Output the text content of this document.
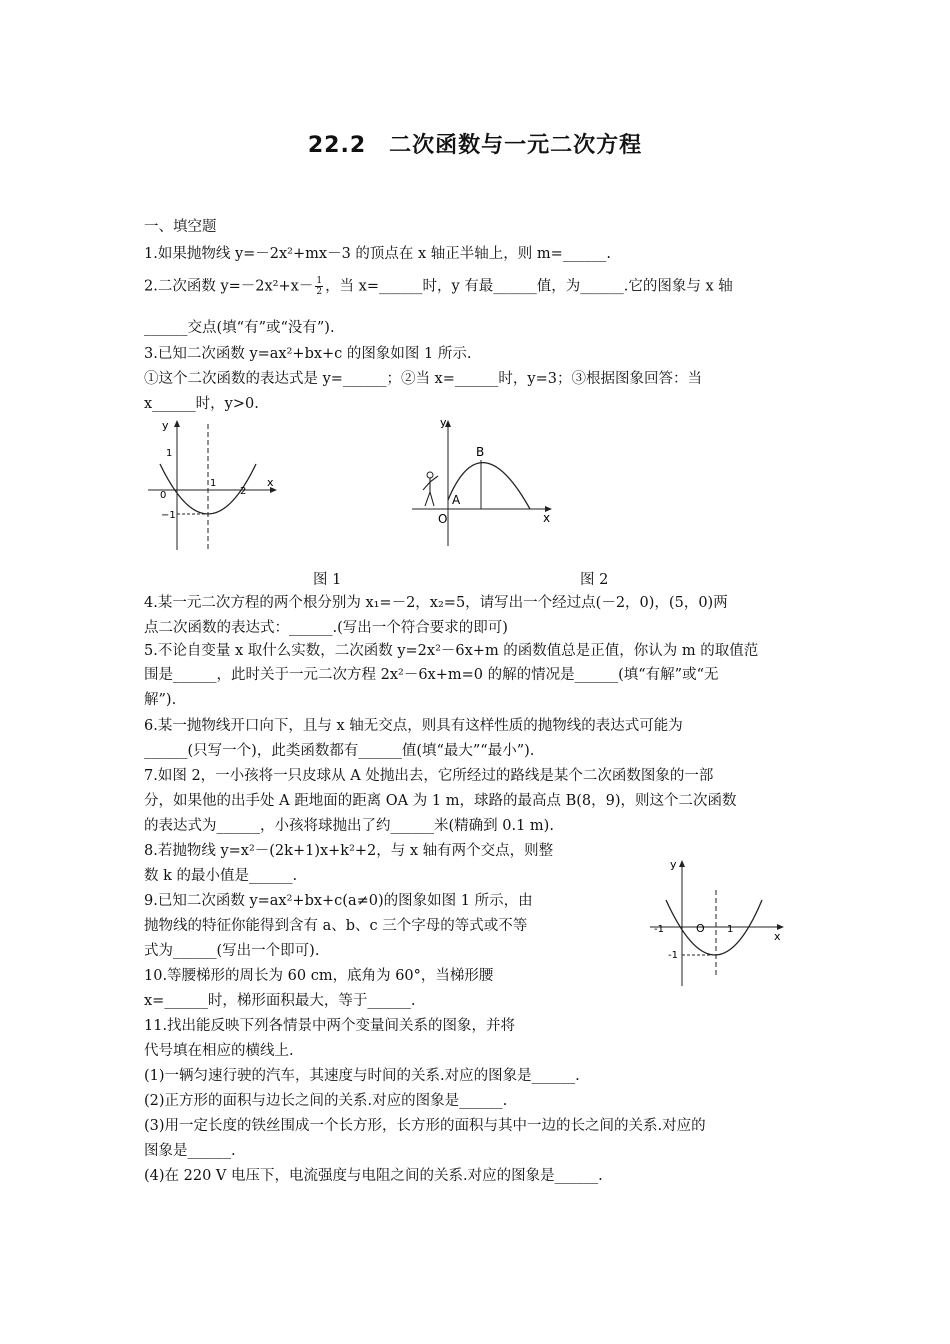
22.2　二次函数与一元二次方程
一、填空题
1.如果抛物线 y=－2x²+mx－3 的顶点在 x 轴正半轴上，则 m=______.
2.二次函数 $y=-2x^2+x- \frac{1}{2}$ ，当 x=______时，y 有最______值，为______.它的图象与 x 轴
______交点(填“有”或“没有”).
3.已知二次函数 y=ax²+bx+c 的图象如图 1 所示.
①这个二次函数的表达式是 y=______；②当 x=______时，y=3；③根据图象回答：当
x______时，y>0.
y
x
1
0
−1
1
2
图 1
y
x
O
A
B
图 2
4.某一元二次方程的两个根分别为 x₁=－2，x₂=5，请写出一个经过点(－2，0)，(5，0)两
点二次函数的表达式：______.(写出一个符合要求的即可)
5.不论自变量 x 取什么实数，二次函数 y=2x²－6x+m 的函数值总是正值，你认为 m 的取值范
围是______，此时关于一元二次方程 2x²－6x+m=0 的解的情况是______(填“有解”或“无
解”).
6.某一抛物线开口向下，且与 x 轴无交点，则具有这样性质的抛物线的表达式可能为
______(只写一个)，此类函数都有______值(填“最大”“最小”).
7.如图 2，一小孩将一只皮球从 A 处抛出去，它所经过的路线是某个二次函数图象的一部
分，如果他的出手处 A 距地面的距离 OA 为 1 m，球路的最高点 B(8，9)，则这个二次函数
的表达式为______，小孩将球抛出了约______米(精确到 0.1 m).
8.若抛物线 y=x²－(2k+1)x+k²+2，与 x 轴有两个交点，则整
数 k 的最小值是______.
9.已知二次函数 y=ax²+bx+c(a≠0)的图象如图 1 所示，由
抛物线的特征你能得到含有 a、b、c 三个字母的等式或不等
式为______(写出一个即可).
10.等腰梯形的周长为 60 cm，底角为 60°，当梯形腰
x=______时，梯形面积最大，等于______.
11.找出能反映下列各情景中两个变量间关系的图象，并将
代号填在相应的横线上.
(1)一辆匀速行驶的汽车，其速度与时间的关系.对应的图象是______.
(2)正方形的面积与边长之间的关系.对应的图象是______.
(3)用一定长度的铁丝围成一个长方形，长方形的面积与其中一边的长之间的关系.对应的
图象是______.
(4)在 220 V 电压下，电流强度与电阻之间的关系.对应的图象是______.
y
x
-1	O 1
-1
